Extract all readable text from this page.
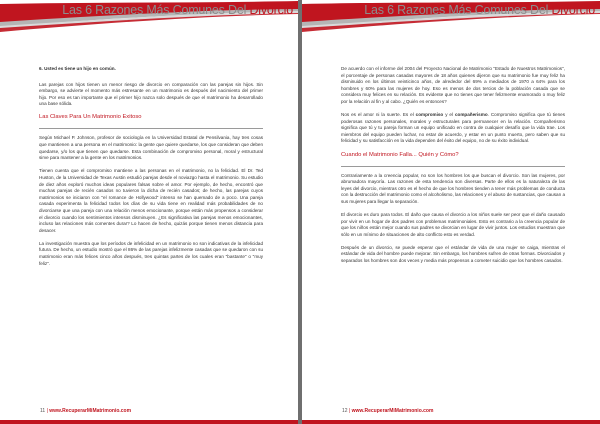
Las 6 Razones Más Comunes Del Divorcio

6. Usted es tiene un hijo en común.

Las parejas con hijos tienen un menor riesgo de divorcio en comparación con las parejas sin hijos. Sin embargo, se advierte el momento más estresante en un matrimonio es después del nacimiento del primer hijo. Por eso es tan importante que el primer hijo nazca solo después de que el matrimonio ha desarrollado una base sólida.

Las Claves Para Un Matrimonio Exitoso

Según Michael P. Johnson, profesor de sociología en la Universidad Estatal de Pensilvania, hay tres cosas que mantienen a una persona en el matrimonio: la gente que quiere quedarse, los que consideran que deben quedarse, y/o los que tienen que quedarse. Esta combinación de compromiso personal, moral y estructural sirve para mantener a la gente en los matrimonios.

Tienen cuenta que el compromiso mantiene a las personas en el matrimonio, no la felicidad. El Dr. Ted Huston, de la Universidad de Texas Austin estudió parejas desde el noviazgo hasta el matrimonio. Su estudio de diez años exploró muchos ideas populares falsas sobre el amor. Por ejemplo, de hecho, encontró que muchas parejas de recién casados no tuvieron la dicha de recién casados; de hecho, las parejas cuyos matrimonios se iniciaron con "el romance de Hollywood" intenso se han quemado de a poco. Una pareja casada experimenta la felicidad todos los días de su vida tiene en realidad más probabilidades de no divorciarse que una pareja con una relación menos emocionante, porque están más propensos a considerar el divorcio cuando los sentimientos intensos disminuyen. ¿Es significativa las parejas menos emocionantes, incluso las relaciones más comentes durar? Lo hacen de hecho, quizás porque tienen menos distancia para desacer.

La investigación muestra que los períodos de infelicidad en un matrimonio no son indicativas de la infelicidad futura. De hecho, un estudio mostró que el 86% de las parejas infelizmente casadas que se quedaron con su matrimonio eran más felices cinco años después, tres quintas partes de los cuales eran "bastante" o "muy feliz".

11 | www.RecuperarMiMatrimonio.com
Las 6 Razones Más Comunes Del Divorcio

De acuerdo con el informe del 2004 del Proyecto Nacional de Matrimonio "Estado de Nuestros Matrimonios", el porcentaje de personas casadas mayores de 18 años quienes dijeron que su matrimonio fue muy feliz ha disminuido en los últimos veinticinco años, de alrededor del 69% a mediados de 1970 a 64% para los hombres y 60% para las mujeres de hoy. Eso es menos de dos tercios de la población casada que se considera muy felices en su relación. Es evidente que no tienes que tener felizmente enamorado o muy feliz por la relación al fin y al cabo. ¿Quién es entonces?

Nos es el amor ni la suerte. Es el compromiso y el compañerismo. Compromiso significa que tú tienes poderosas razones personales, morales y estructurales para permanecer en la relación. Compañerismo significa que tú y tu pareja forman un equipo unificado en contra de cualquier desafío que la vida trae. Los miembros del equipo pueden luchar, no estar de acuerdo, y estar en un punto muerto, pero saben que su felicidad y su satisfacción en la vida dependen del éxito del equipo, no de su éxito individual.

Cuando el Matrimonio Falla... Quién y Cómo?

Contrariamente a la creencia popular, no son los hombres los que buscan el divorcio. Son las mujeres, por abrumadora mayoría. Las razones de esta tendencia son diversas. Parte de ellos es la naturaleza de las leyes del divorcio, mientras otro es el hecho de que los hombres tienden a tener más problemas de conducta con la destrucción del matrimonio como el alcoholismo, las relaciones y el abuso de sustancias, que causan a sus mujeres para llegar la separación.

El divorcio es duro para todos. El daño que causa el divorcio a los niños suele ser peor que el daño causado por vivir en un hogar de dos padres con problemas matrimoniales. Esto es contrario a la creencia popular de que los niños están mejor cuando sus padres se divorcian en lugar de vivir juntos. Los estudios muestran que sólo en un mínimo de situaciones de alto conflicto esto es verdad.

Después de un divorcio, se puede esperar que el estándar de vida de una mujer se caiga, mientras el estándar de vida del hombre puede mejorar. Sin embargo, los hombres sufren de otras formas. Divorciados y separados los hombres son dos veces y media más propensos a cometer suicidio que los hombres casados.

12 | www.RecuperarMiMatrimonio.com
